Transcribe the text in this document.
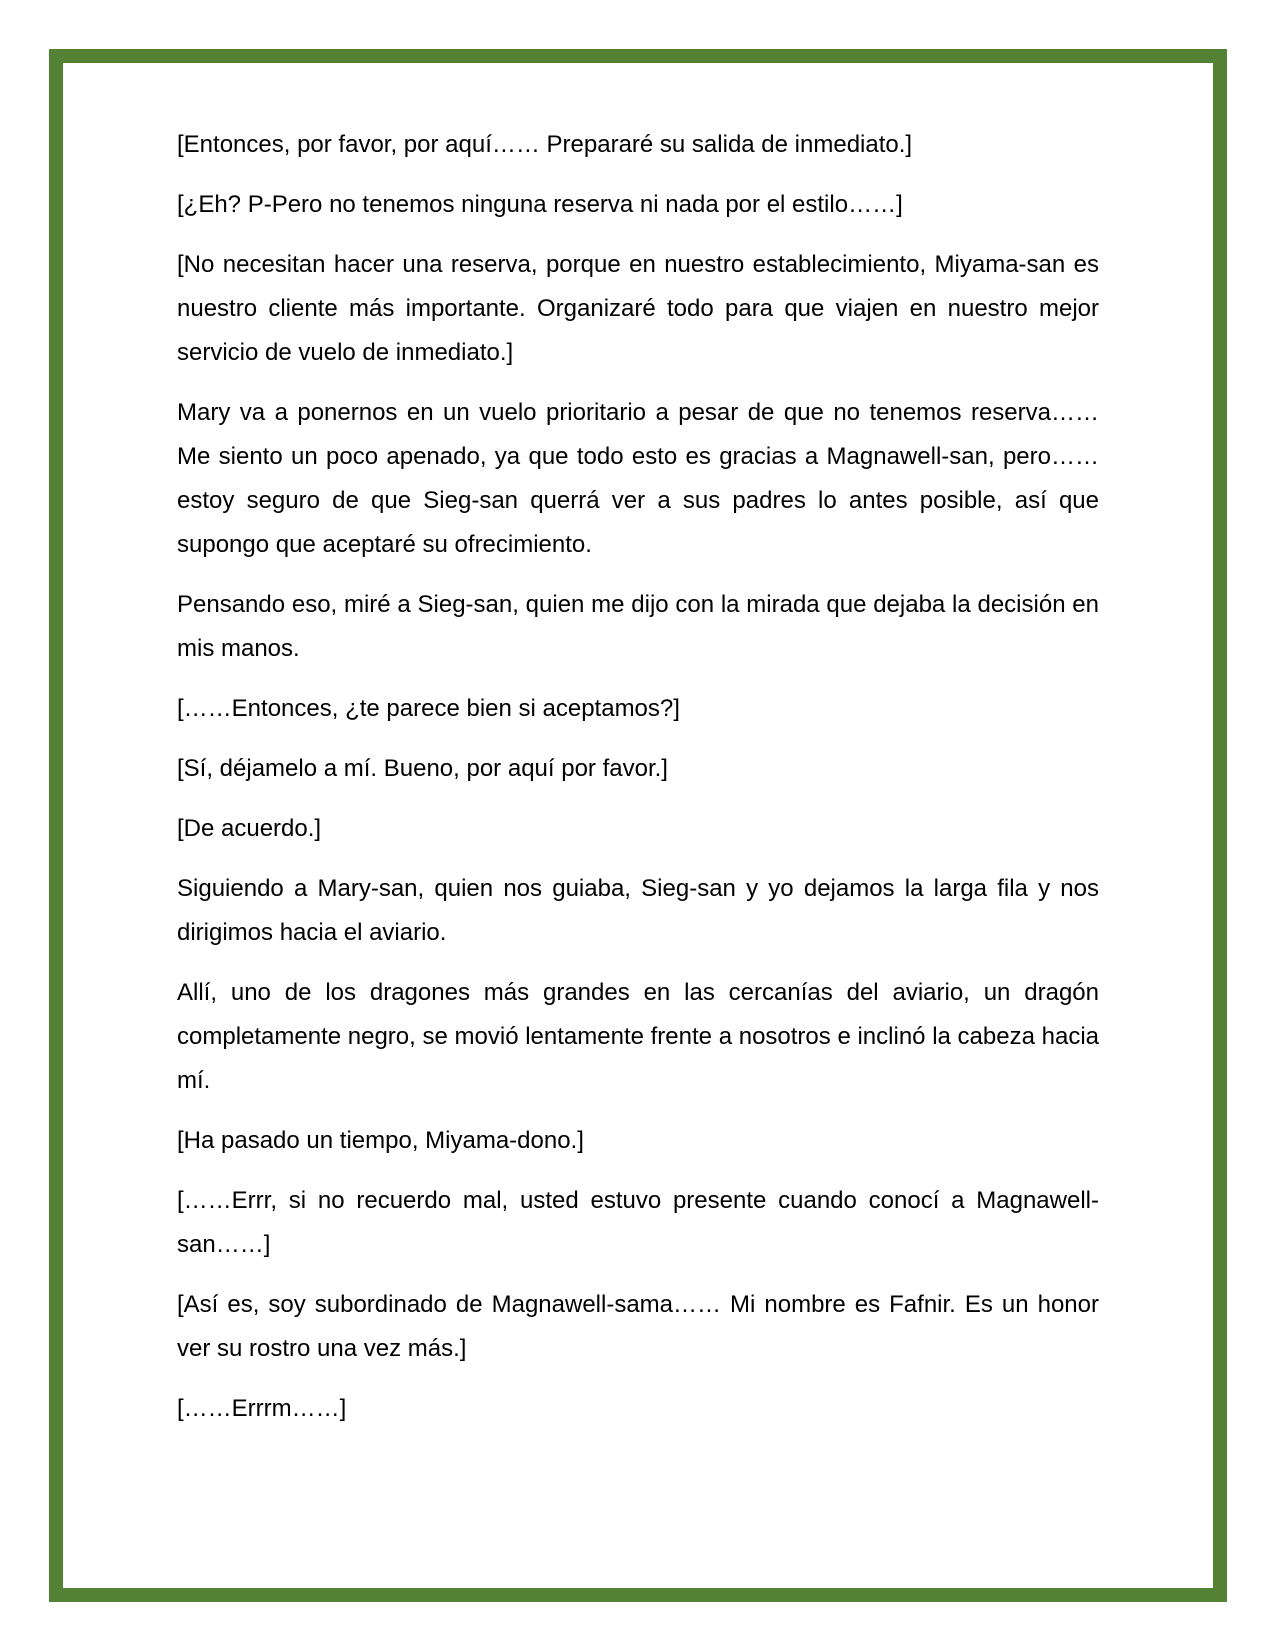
[Entonces, por favor, por aquí…… Prepararé su salida de inmediato.]

[¿Eh? P-Pero no tenemos ninguna reserva ni nada por el estilo……]

[No necesitan hacer una reserva, porque en nuestro establecimiento, Miyama-san es nuestro cliente más importante. Organizaré todo para que viajen en nuestro mejor servicio de vuelo de inmediato.]

Mary va a ponernos en un vuelo prioritario a pesar de que no tenemos reserva…… Me siento un poco apenado, ya que todo esto es gracias a Magnawell-san, pero…… estoy seguro de que Sieg-san querrá ver a sus padres lo antes posible, así que supongo que aceptaré su ofrecimiento.

Pensando eso, miré a Sieg-san, quien me dijo con la mirada que dejaba la decisión en mis manos.

[……Entonces, ¿te parece bien si aceptamos?]

[Sí, déjamelo a mí. Bueno, por aquí por favor.]

[De acuerdo.]

Siguiendo a Mary-san, quien nos guiaba, Sieg-san y yo dejamos la larga fila y nos dirigimos hacia el aviario.

Allí, uno de los dragones más grandes en las cercanías del aviario, un dragón completamente negro, se movió lentamente frente a nosotros e inclinó la cabeza hacia mí.

[Ha pasado un tiempo, Miyama-dono.]

[……Errr, si no recuerdo mal, usted estuvo presente cuando conocí a Magnawell-san……]

[Así es, soy subordinado de Magnawell-sama…… Mi nombre es Fafnir. Es un honor ver su rostro una vez más.]

[……Errrm……]
